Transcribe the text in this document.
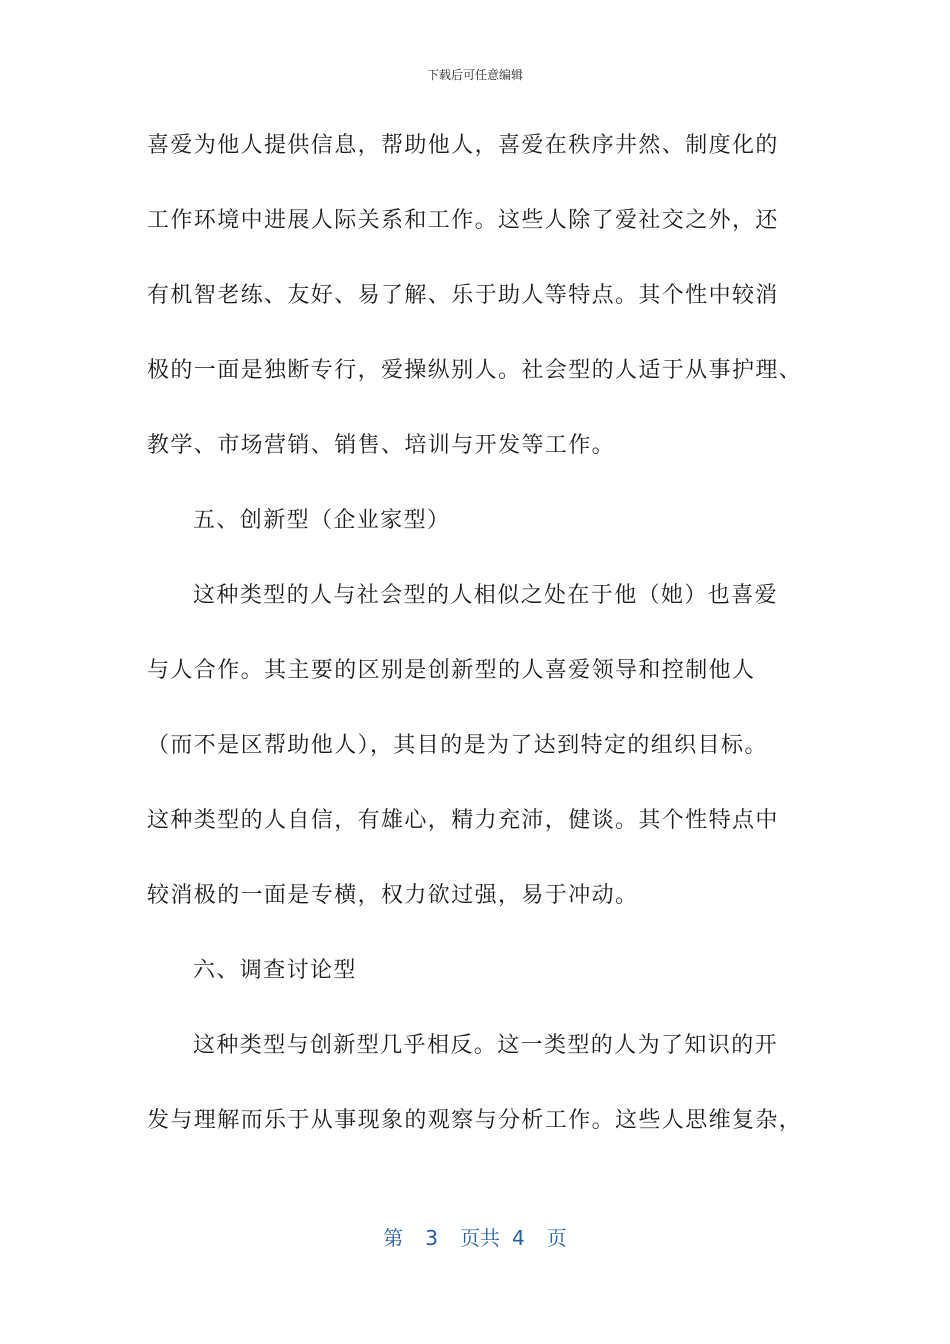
下载后可任意编辑
喜爱为他人提供信息，帮助他人，喜爱在秩序井然、制度化的
工作环境中进展人际关系和工作。这些人除了爱社交之外，还
有机智老练、友好、易了解、乐于助人等特点。其个性中较消
极的一面是独断专行，爱操纵别人。社会型的人适于从事护理、
教学、市场营销、销售、培训与开发等工作。
五、创新型（企业家型）
这种类型的人与社会型的人相似之处在于他（她）也喜爱
与人合作。其主要的区别是创新型的人喜爱领导和控制他人
（而不是区帮助他人），其目的是为了达到特定的组织目标。
这种类型的人自信，有雄心，精力充沛，健谈。其个性特点中
较消极的一面是专横，权力欲过强，易于冲动。
六、调查讨论型
这种类型与创新型几乎相反。这一类型的人为了知识的开
发与理解而乐于从事现象的观察与分析工作。这些人思维复杂，
第 3 页共 4 页
